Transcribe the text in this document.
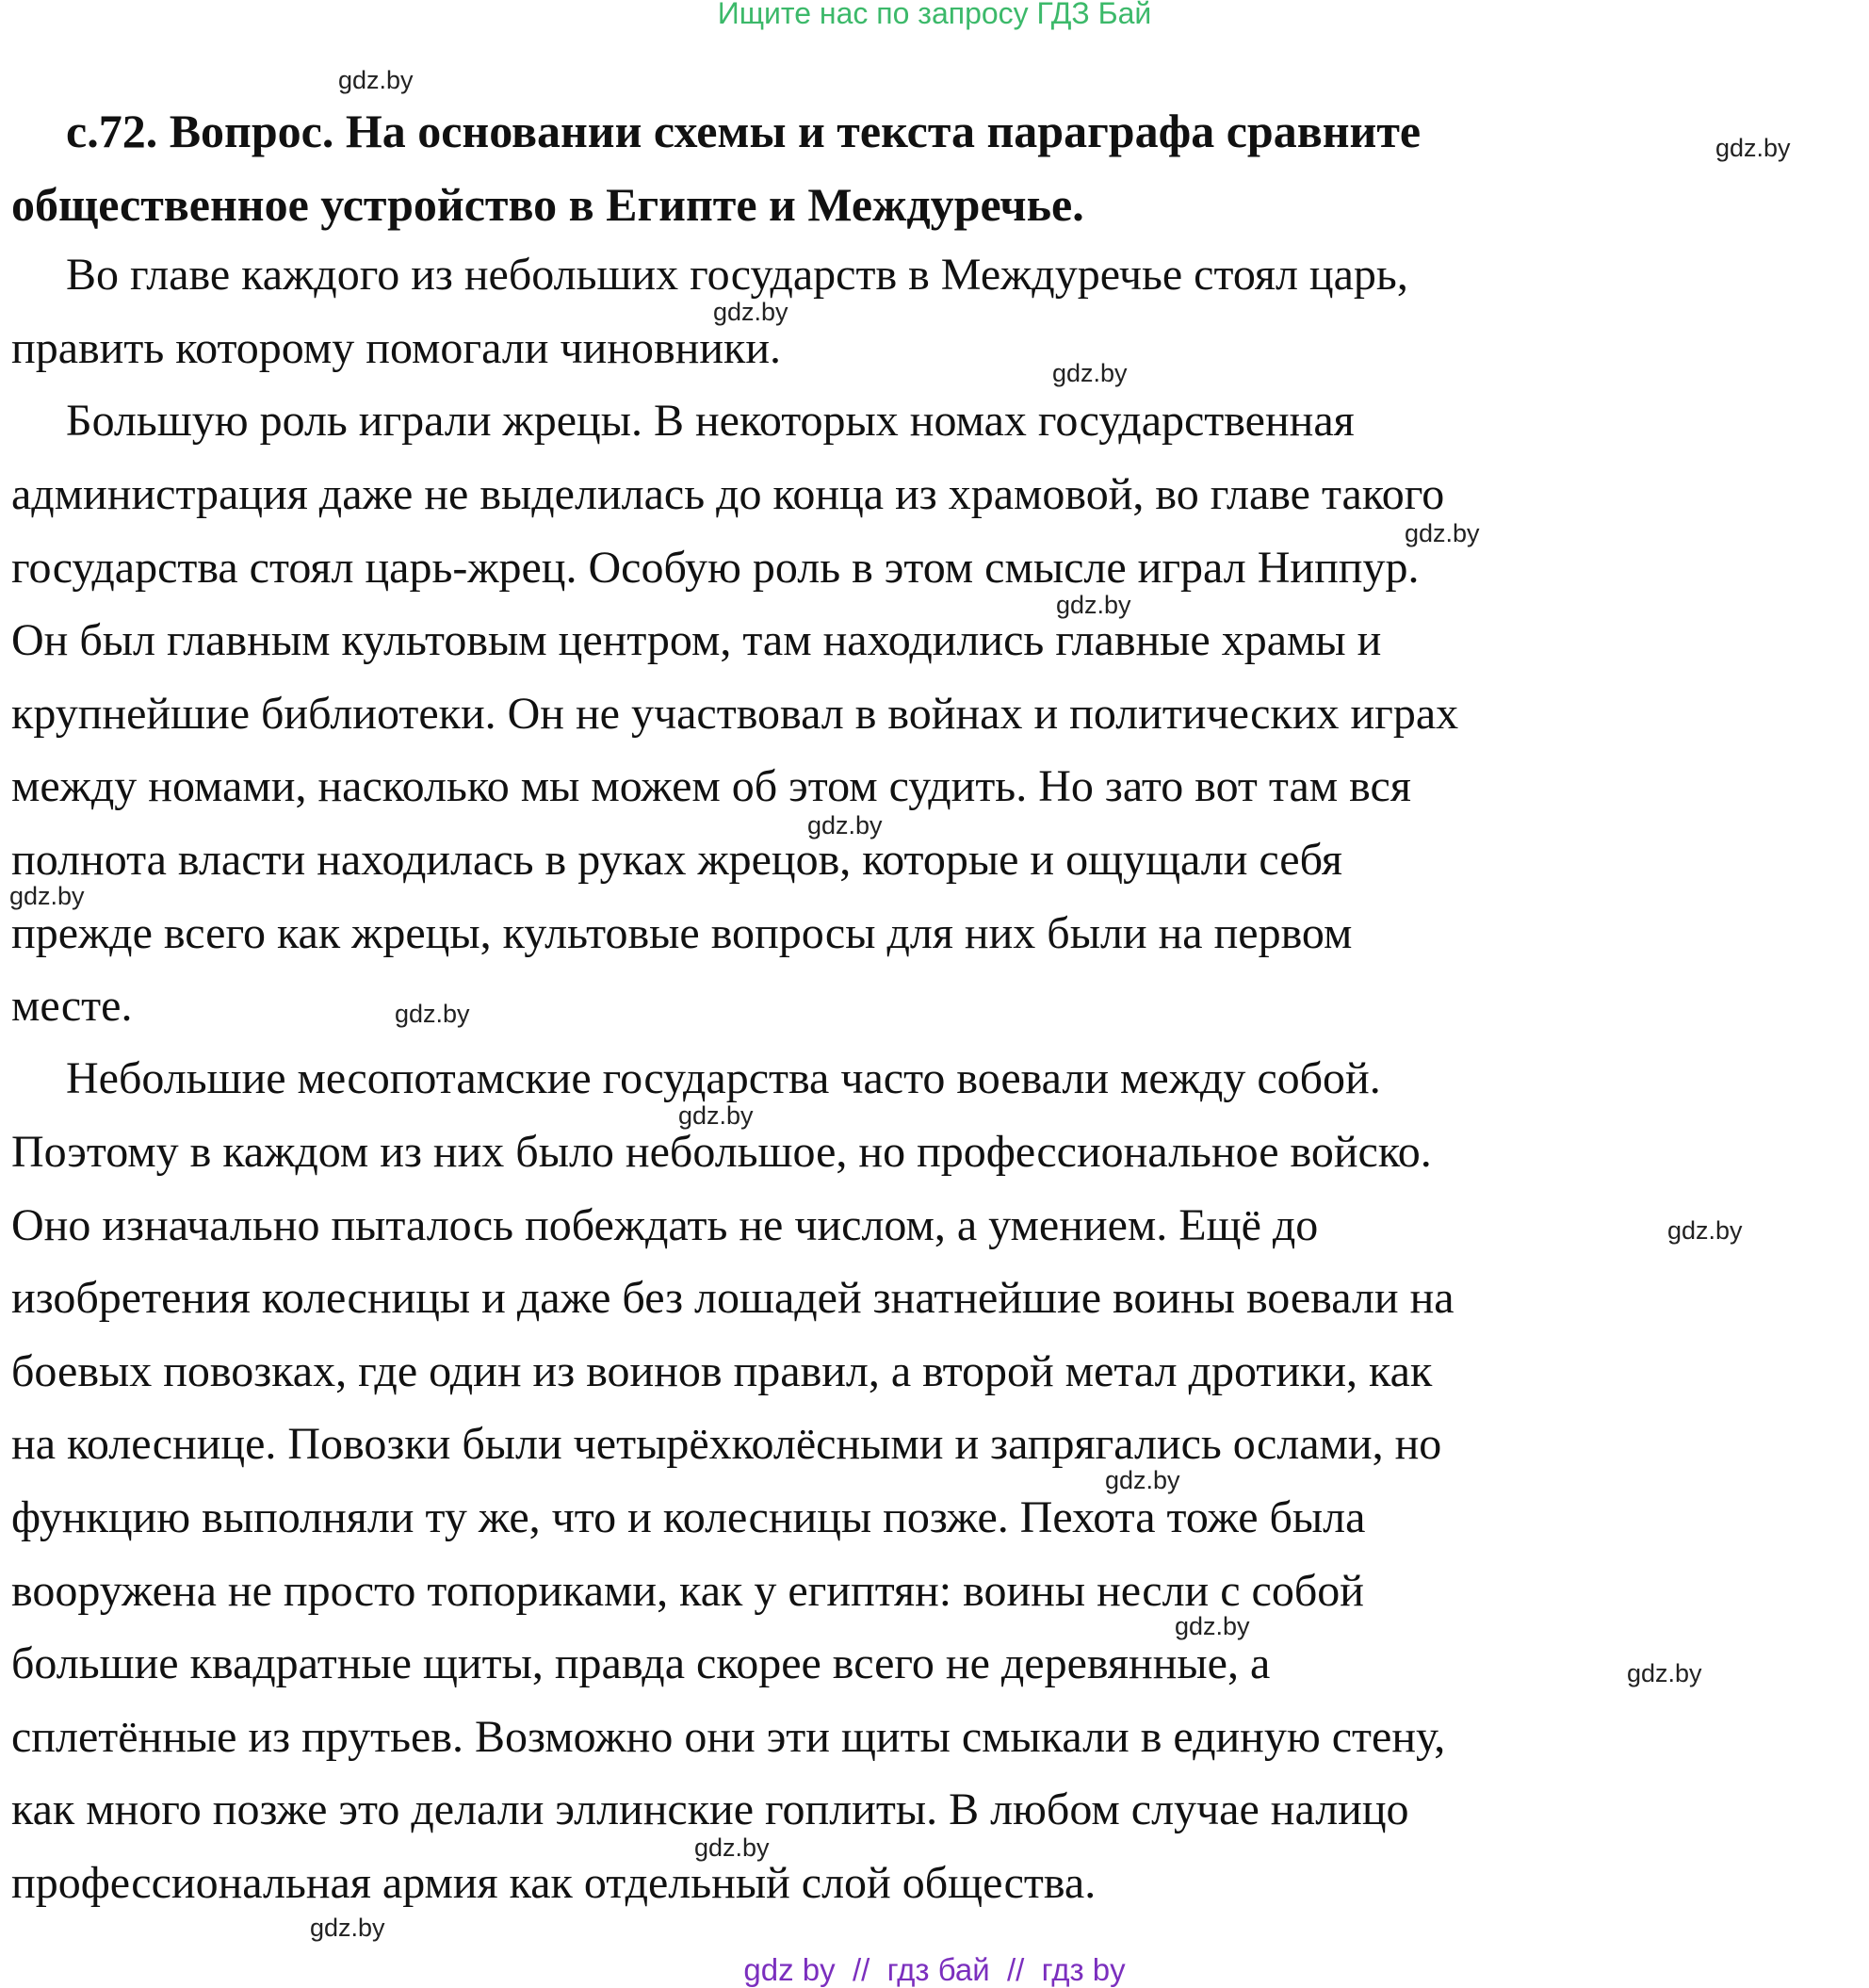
Ищите нас по запросу ГДЗ Бай
gdz.by
gdz.by
с.72. Вопрос. На основании схемы и текста параграфа сравните
общественное устройство в Египте и Междуречье.
Во главе каждого из небольших государств в Междуречье стоял царь,
gdz.by
править которому помогали чиновники.	gdz.by
Большую роль играли жрецы. В некоторых номах государственная
администрация даже не выделилась до конца из храмовой, во главе такого
gdz.by
государства стоял царь-жрец. Особую роль в этом смысле играл Ниппур.
gdz.by
Он был главным культовым центром, там находились главные храмы и
крупнейшие библиотеки. Он не участвовал в войнах и политических играх
между номами, насколько мы можем об этом судить. Но зато вот там вся
gdz.by
полнота власти находилась в руках жрецов, которые и ощущали себя
gdz.by
прежде всего как жрецы, культовые вопросы для них были на первом
месте.	gdz.by
Небольшие месопотамские государства часто воевали между собой.
gdz.by
Поэтому в каждом из них было небольшое, но профессиональное войско.
Оно изначально пыталось побеждать не числом, а умением. Ещё до	gdz.by
изобретения колесницы и даже без лошадей знатнейшие воины воевали на
боевых повозках, где один из воинов правил, а второй метал дротики, как
на колеснице. Повозки были четырёхколёсными и запрягались ослами, но
gdz.by
функцию выполняли ту же, что и колесницы позже. Пехота тоже была
вооружена не просто топориками, как у египтян: воины несли с собой
gdz.by
большие квадратные щиты, правда скорее всего не деревянные, а	gdz.by
сплетённые из прутьев. Возможно они эти щиты смыкали в единую стену,
как много позже это делали эллинские гоплиты. В любом случае налицо
gdz.by
профессиональная армия как отдельный слой общества.
gdz.by
gdz by  //  гдз бай  //  гдз by
